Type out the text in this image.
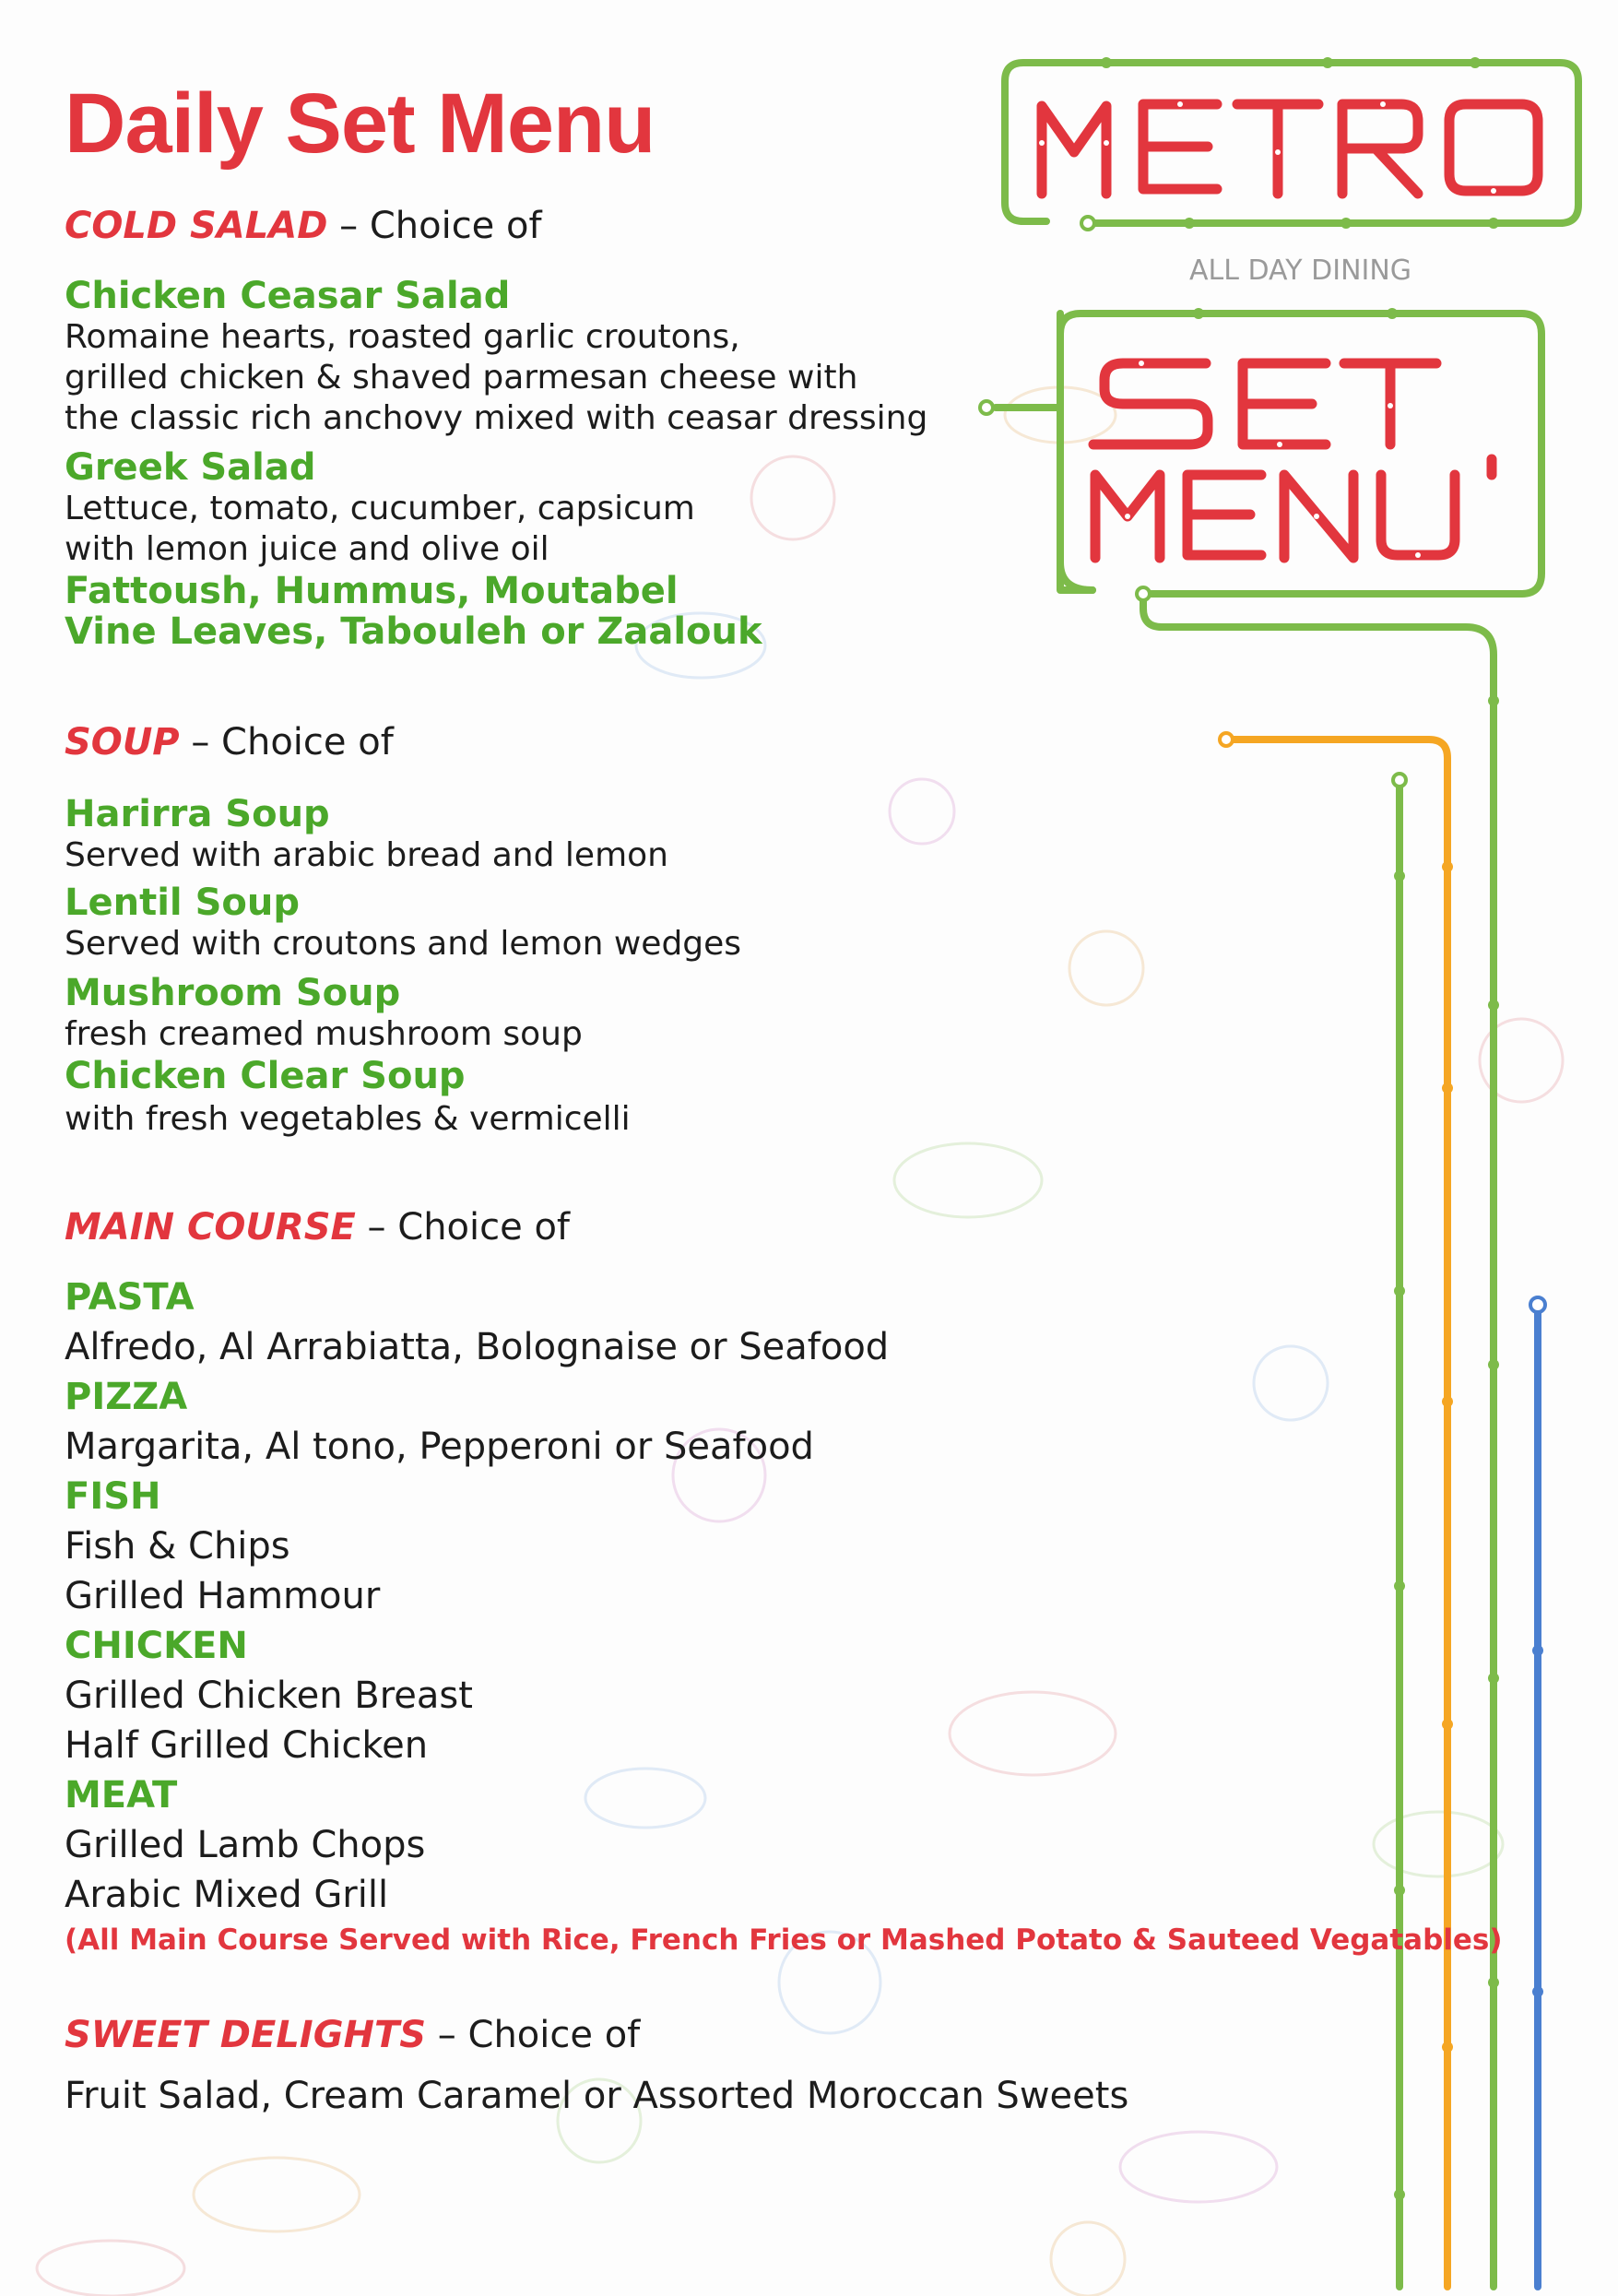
ALL DAY DINING
Daily Set Menu
COLD SALAD – Choice of
Chicken Ceasar Salad
Romaine hearts, roasted garlic croutons,
grilled chicken & shaved parmesan cheese with
the classic rich anchovy mixed with ceasar dressing
Greek Salad
Lettuce, tomato, cucumber, capsicum
with lemon juice and olive oil
Fattoush, Hummus, Moutabel
Vine Leaves, Tabouleh or Zaalouk
SOUP – Choice of
Harirra Soup
Served with arabic bread and lemon
Lentil Soup
Served with croutons and lemon wedges
Mushroom Soup
fresh creamed mushroom soup
Chicken Clear Soup
with fresh vegetables & vermicelli
MAIN COURSE – Choice of
PASTA
Alfredo, Al Arrabiatta, Bolognaise or Seafood
PIZZA
Margarita, Al tono, Pepperoni or Seafood
FISH
Fish & Chips
Grilled Hammour
CHICKEN
Grilled Chicken Breast
Half Grilled Chicken
MEAT
Grilled Lamb Chops
Arabic Mixed Grill
(All Main Course Served with Rice, French Fries or Mashed Potato & Sauteed Vegatables)
SWEET DELIGHTS – Choice of
Fruit Salad, Cream Caramel or Assorted Moroccan Sweets
